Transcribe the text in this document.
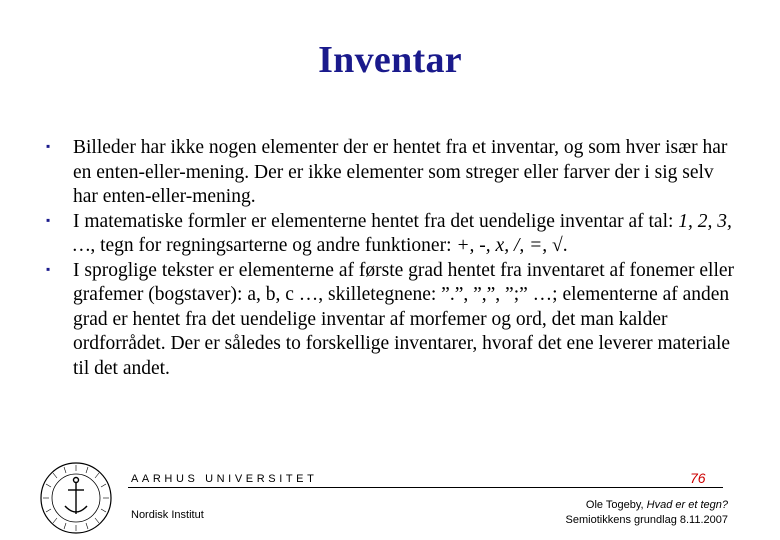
Inventar
▪ Billeder har ikke nogen elementer der er hentet fra et inventar, og som hver især har en enten-eller-mening. Der er ikke elementer som streger eller farver der i sig selv har enten-eller-mening.
▪ I matematiske formler er elementerne hentet fra det uendelige inventar af tal: 1, 2, 3, …, tegn for regningsarterne og andre funktioner: +, -, x, /, =, √.
▪ I sproglige tekster er elementerne af første grad hentet fra inventaret af fonemer eller grafemer (bogstaver): a, b, c …, skilletegnene: ”.”, ”,”, ”;” …; elementerne af anden grad er hentet fra det uendelige inventar af morfemer og ord, det man kalder ordforrådet. Der er således to forskellige inventarer, hvoraf det ene leverer materiale til det andet.
AARHUS UNIVERSITET	76
Nordisk Institut
Ole Togeby, Hvad er et tegn?
Semiotikkens grundlag 8.11.2007
